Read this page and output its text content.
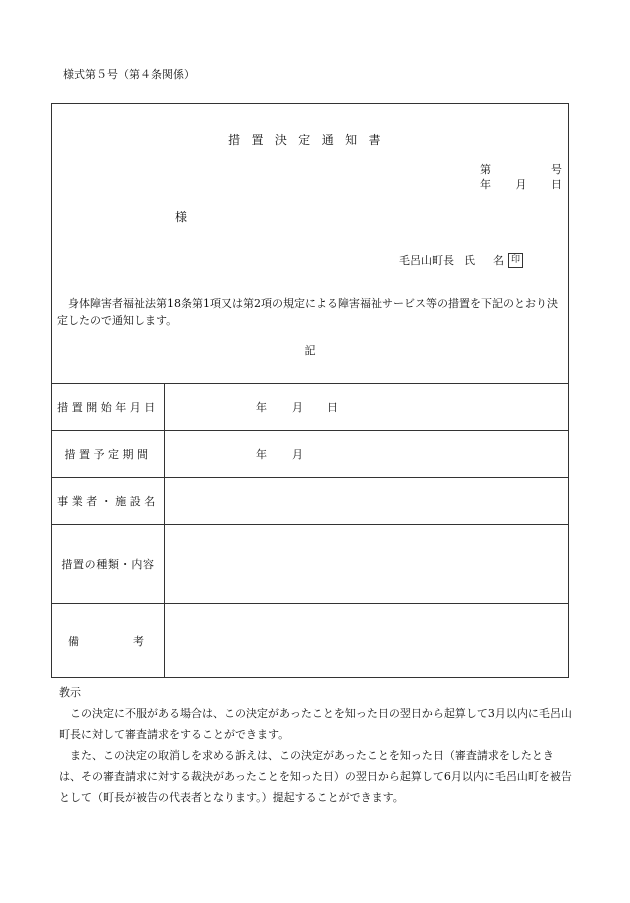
様式第５号（第４条関係）
措置決定通知書
第	号
年 月 日
様
毛呂山町長 氏 名 印

身体障害者福祉法第18条第1項又は第2項の規定による障害福祉サービス等の措置を下記のとおり決定したので通知します。

記
措置開始年月日	年 月 日
措置予定期間	年 月
事業者・施設名
措置の種類・内容
備	考

教示

この決定に不服がある場合は、この決定があったことを知った日の翌日から起算して3月以内に毛呂山町長に対して審査請求をすることができます。

また、この決定の取消しを求める訴えは、この決定があったことを知った日（審査請求をしたときは、その審査請求に対する裁決があったことを知った日）の翌日から起算して6月以内に毛呂山町を被告として（町長が被告の代表者となります。）提起することができます。
